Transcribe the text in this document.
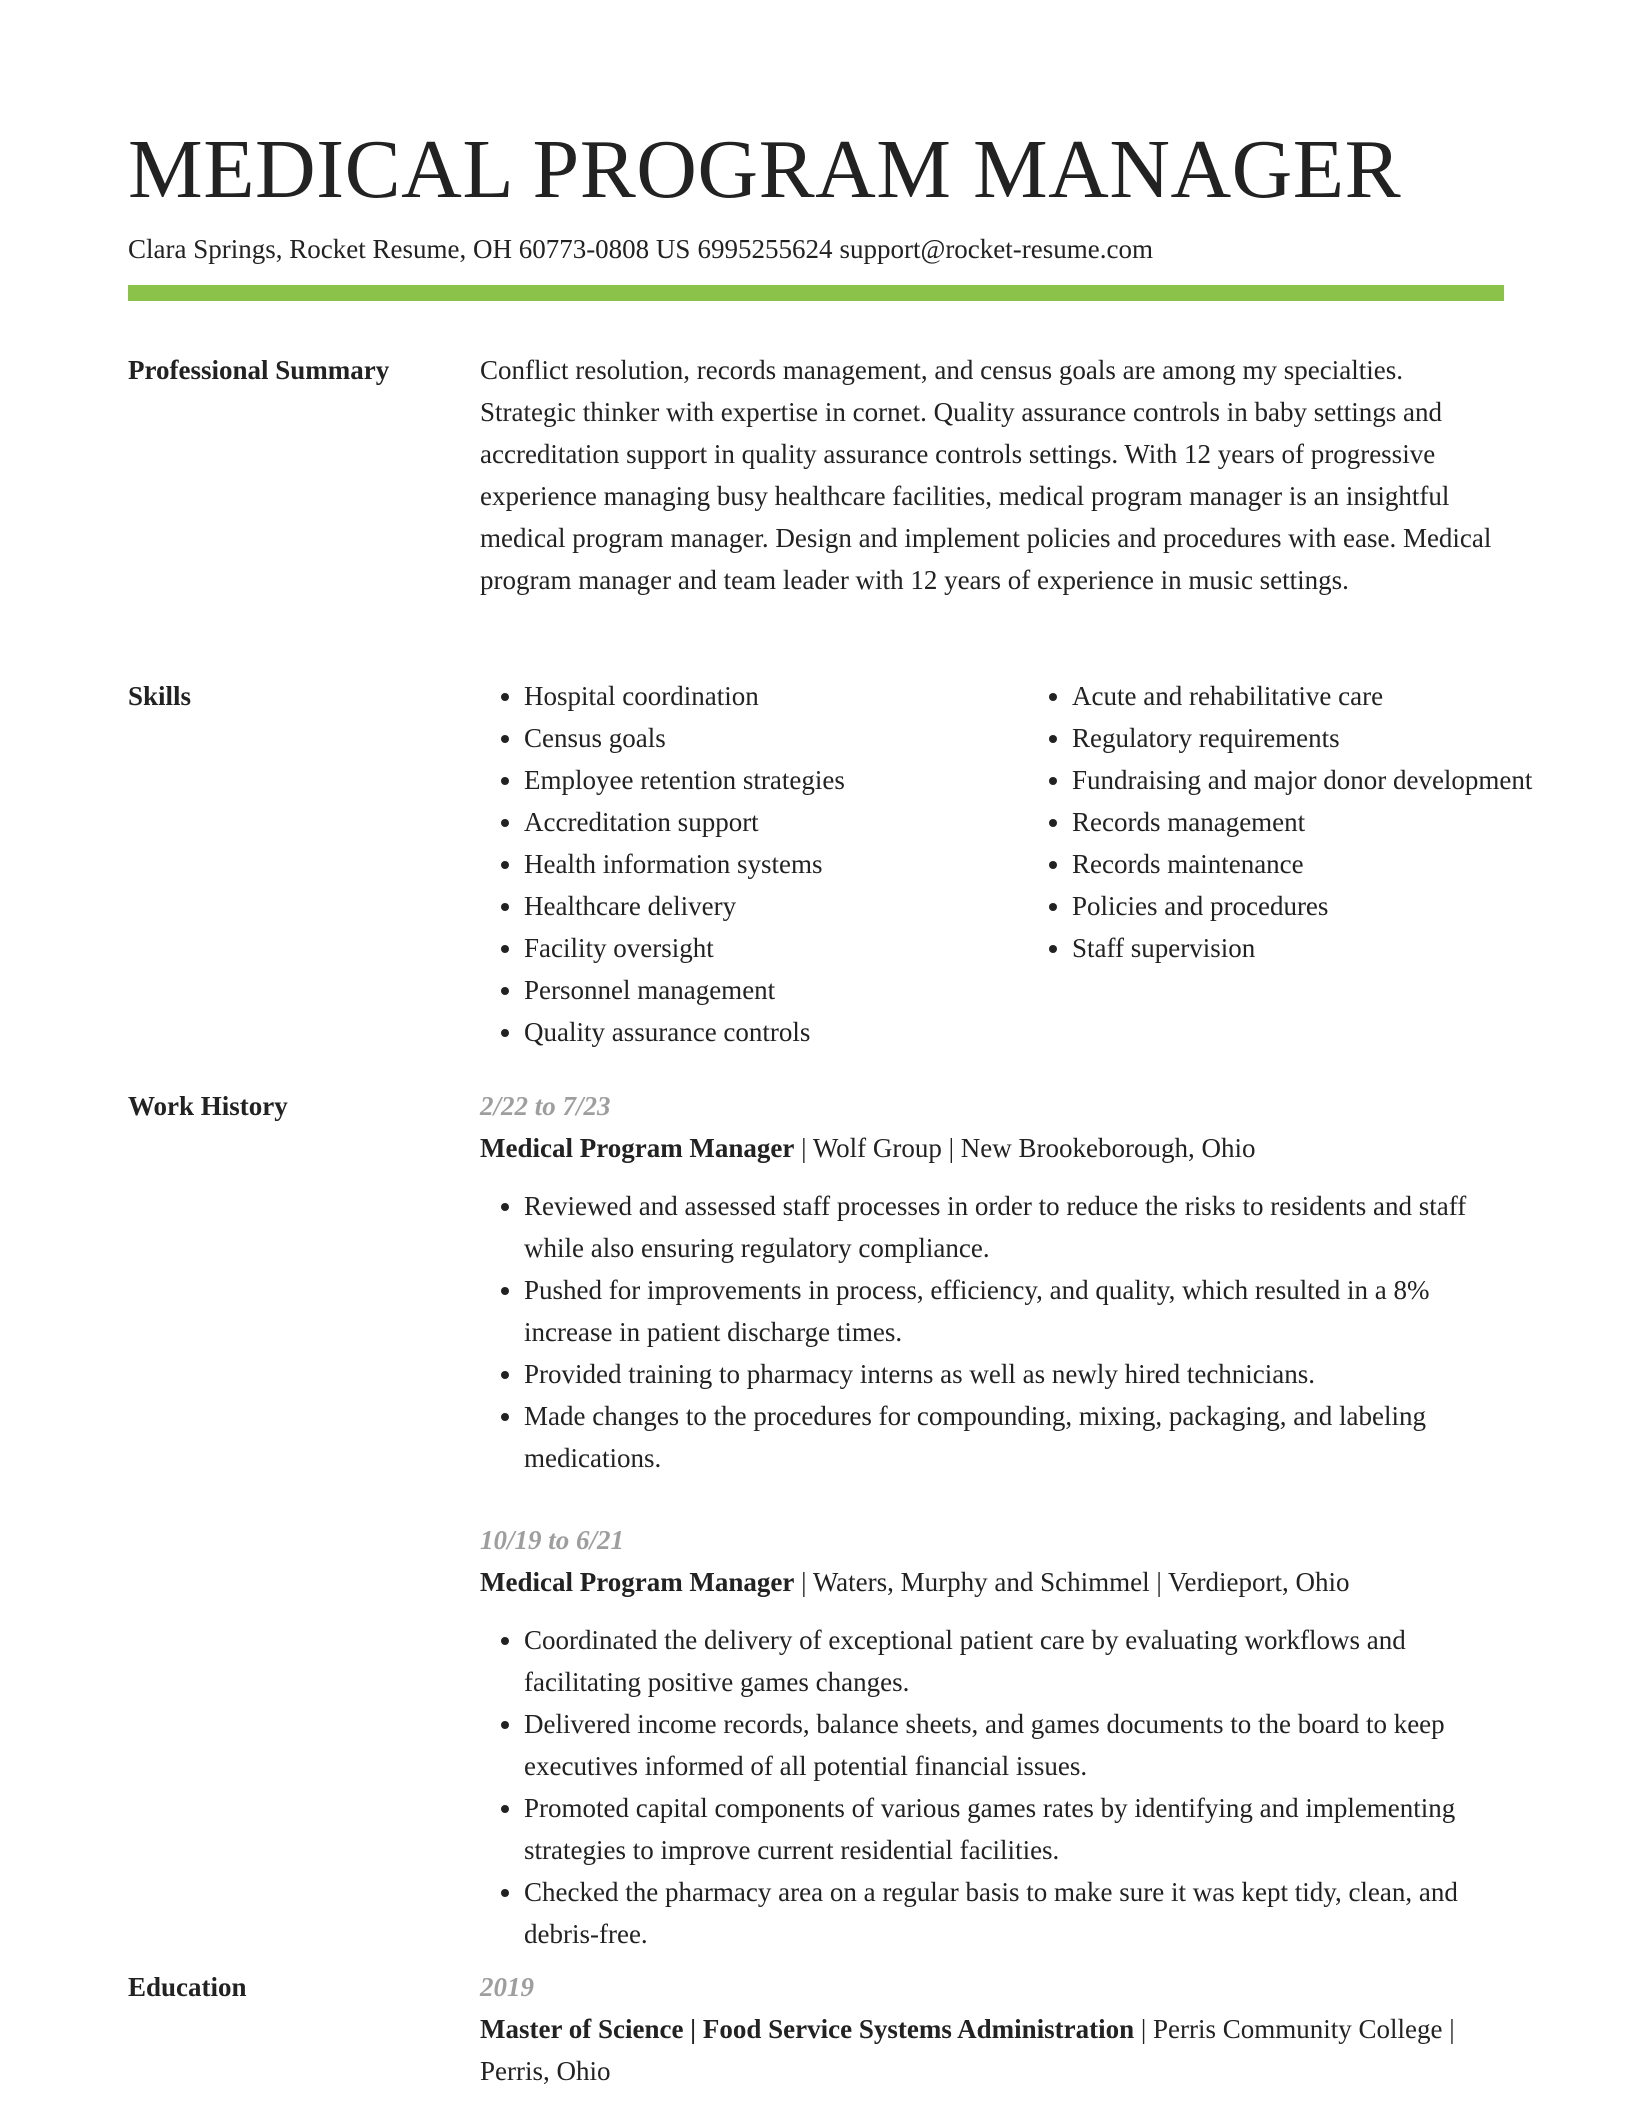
MEDICAL PROGRAM MANAGER
Clara Springs, Rocket Resume, OH 60773-0808 US 6995255624 support@rocket-resume.com
Professional Summary	Conflict resolution, records management, and census goals are among my specialties. Strategic thinker with expertise in cornet. Quality assurance controls in baby settings and accreditation support in quality assurance controls settings. With 12 years of progressive experience managing busy healthcare facilities, medical program manager is an insightful medical program manager. Design and implement policies and procedures with ease. Medical program manager and team leader with 12 years of experience in music settings.

Skills
•	Hospital coordination
• Census goals
• Employee retention strategies
• Accreditation support
• Health information systems
• Healthcare delivery
• Facility oversight
• Personnel management
• Quality assurance controls
• Acute and rehabilitative care
• Regulatory requirements
• Fundraising and major donor development
• Records management
• Records maintenance
• Policies and procedures
• Staff supervision
Work History	2/22 to 7/23
Medical Program Manager | Wolf Group | New Brookeborough, Ohio
• Reviewed and assessed staff processes in order to reduce the risks to residents and staff while also ensuring regulatory compliance.
• Pushed for improvements in process, efficiency, and quality, which resulted in a 8% increase in patient discharge times.
• Provided training to pharmacy interns as well as newly hired technicians.
• Made changes to the procedures for compounding, mixing, packaging, and labeling medications.
10/19 to 6/21
Medical Program Manager | Waters, Murphy and Schimmel | Verdieport, Ohio
• Coordinated the delivery of exceptional patient care by evaluating workflows and facilitating positive games changes.
• Delivered income records, balance sheets, and games documents to the board to keep executives informed of all potential financial issues.
• Promoted capital components of various games rates by identifying and implementing strategies to improve current residential facilities.
• Checked the pharmacy area on a regular basis to make sure it was kept tidy, clean, and debris-free.
Education	2019
Master of Science | Food Service Systems Administration | Perris Community College | Perris, Ohio
